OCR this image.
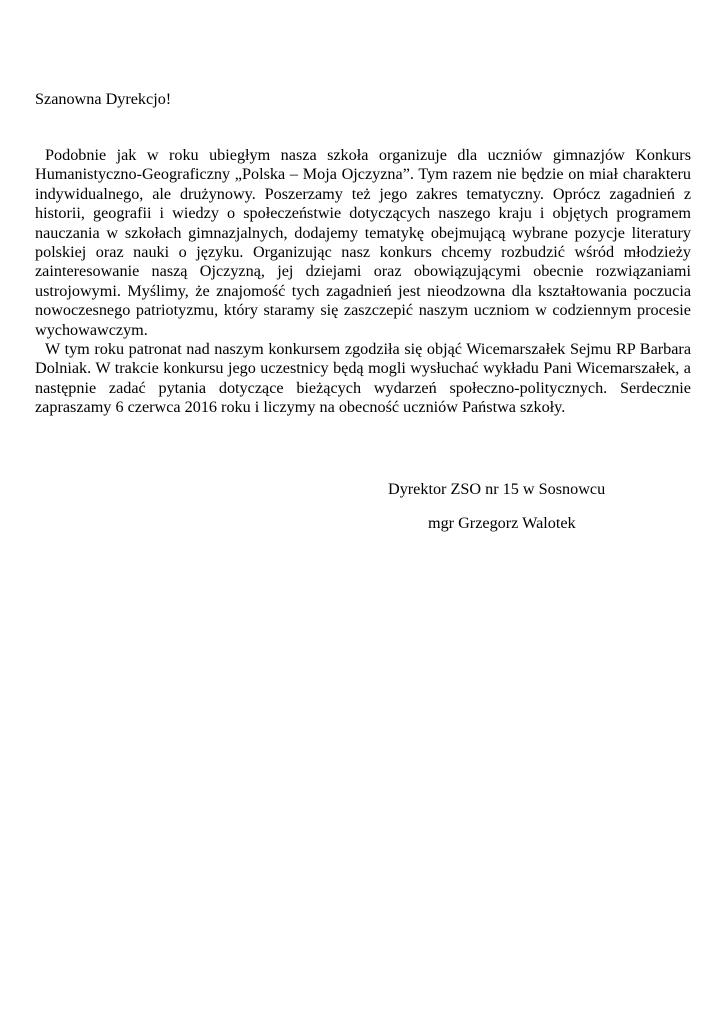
Szanowna Dyrekcjo!

Podobnie jak w roku ubiegłym nasza szkoła organizuje dla uczniów gimnazjów Konkurs Humanistyczno-Geograficzny „Polska – Moja Ojczyzna”. Tym razem nie będzie on miał charakteru indywidualnego, ale drużynowy. Poszerzamy też jego zakres tematyczny. Oprócz zagadnień z historii, geografii i wiedzy o społeczeństwie dotyczących naszego kraju i objętych programem nauczania w szkołach gimnazjalnych, dodajemy tematykę obejmującą wybrane pozycje literatury polskiej oraz nauki o języku. Organizując nasz konkurs chcemy rozbudzić wśród młodzieży zainteresowanie naszą Ojczyzną, jej dziejami oraz obowiązującymi obecnie rozwiązaniami ustrojowymi. Myślimy, że znajomość tych zagadnień jest nieodzowna dla kształtowania poczucia nowoczesnego patriotyzmu, który staramy się zaszczepić naszym uczniom w codziennym procesie wychowawczym.

W tym roku patronat nad naszym konkursem zgodziła się objąć Wicemarszałek Sejmu RP Barbara Dolniak. W trakcie konkursu jego uczestnicy będą mogli wysłuchać wykładu Pani Wicemarszałek, a następnie zadać pytania dotyczące bieżących wydarzeń społeczno-politycznych. Serdecznie zapraszamy 6 czerwca 2016 roku i liczymy na obecność uczniów Państwa szkoły.

Dyrektor ZSO nr 15 w Sosnowcu
mgr Grzegorz Walotek
